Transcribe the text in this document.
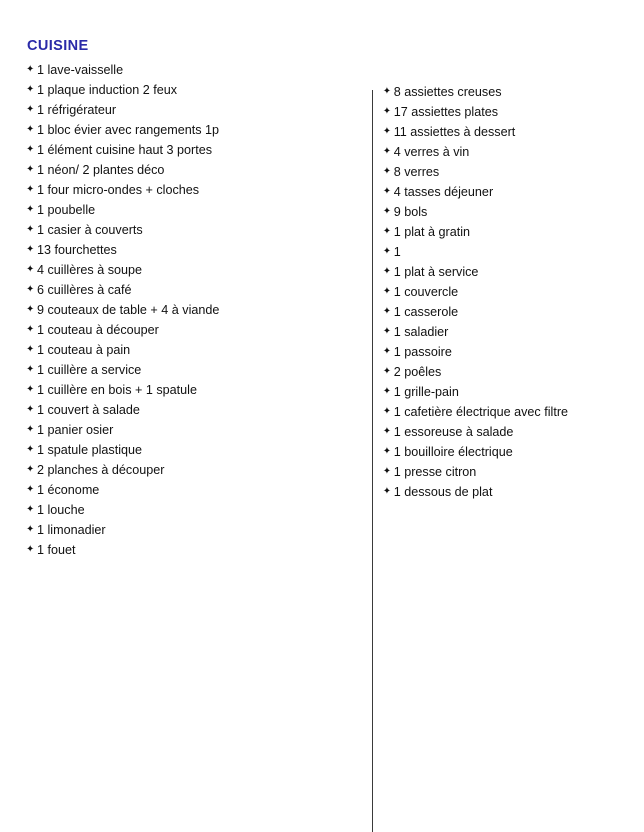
CUISINE
✦ 1 lave-vaisselle
✦ 1 plaque induction 2 feux
✦ 1 réfrigérateur
✦ 1 bloc évier avec rangements 1p
✦ 1 élément cuisine haut 3 portes
✦ 1 néon/ 2 plantes déco
✦ 1 four micro-ondes + cloches
✦ 1 poubelle
✦ 1 casier à couverts
✦ 13 fourchettes
✦ 4 cuillères à soupe
✦ 6 cuillères à café
✦ 9 couteaux de table + 4 à viande
✦ 1 couteau à découper
✦ 1 couteau à pain
✦ 1 cuillère a service
✦ 1 cuillère en bois + 1 spatule
✦ 1 couvert à salade
✦ 1 panier osier
✦ 1 spatule plastique
✦ 2 planches à découper
✦ 1 économe
✦ 1 louche
✦ 1 limonadier
✦ 1 fouet
✦ 8 assiettes creuses
✦ 17 assiettes plates
✦ 11 assiettes à dessert
✦ 4 verres à vin
✦ 8 verres
✦ 4 tasses déjeuner
✦ 9 bols
✦ 1 plat à gratin
✦ 1
✦ 1 plat à service
✦ 1 couvercle
✦ 1 casserole
✦ 1 saladier
✦ 1 passoire
✦ 2 poêles
✦ 1 grille-pain
✦ 1 cafetière électrique avec filtre
✦ 1 essoreuse à salade
✦ 1 bouilloire électrique
✦ 1 presse citron
✦ 1 dessous de plat
